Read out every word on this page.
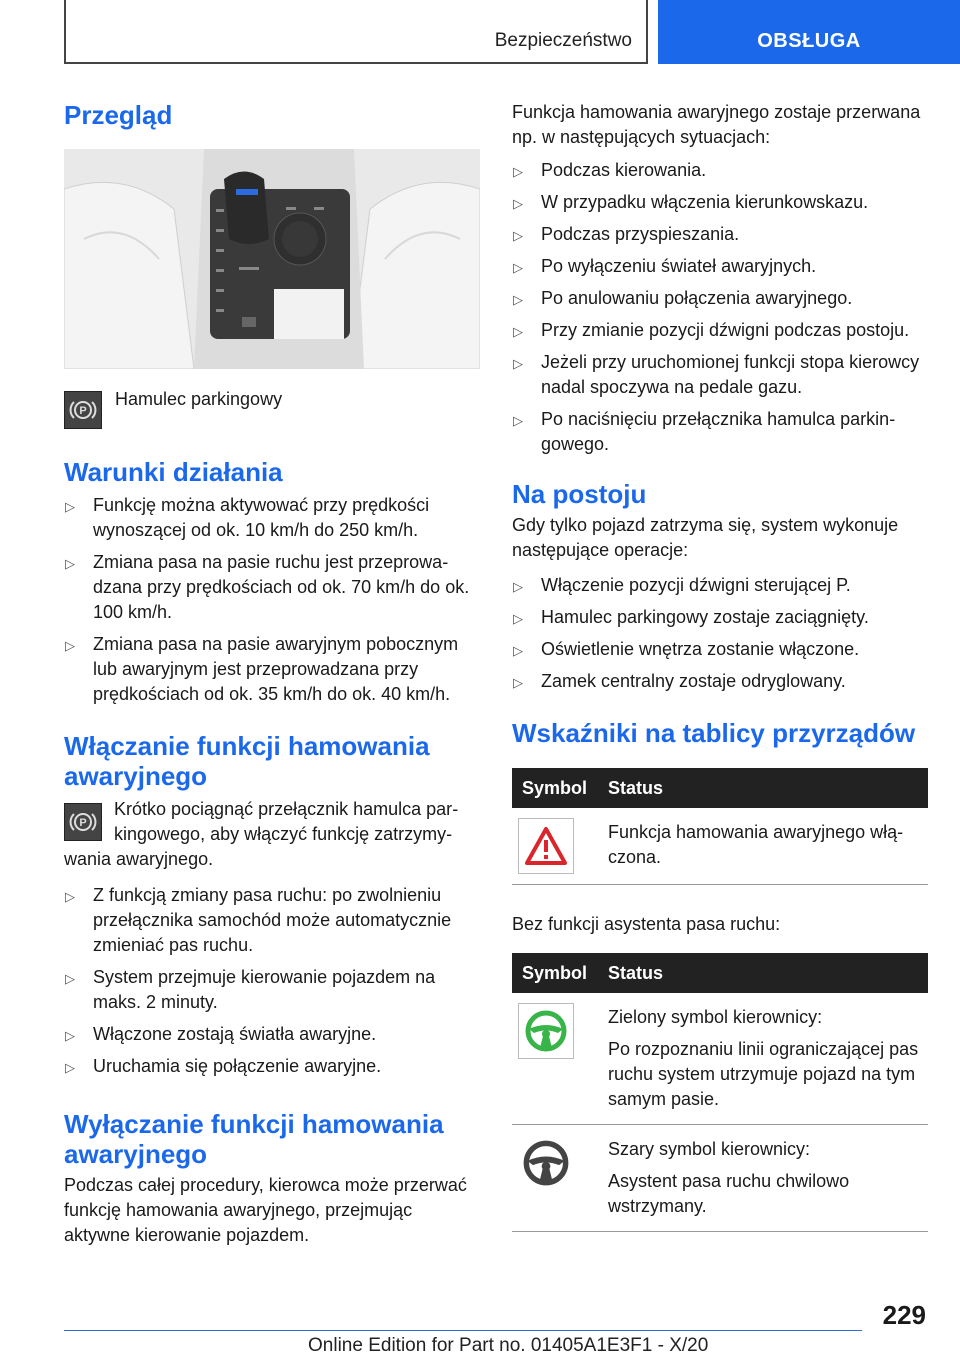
Bezpieczeństwo	OBSŁUGA
Przegląd
P

Hamulec parkingowy

Warunki działania
▷ Funkcję można aktywować przy prędkości wynoszącej od ok. 10 km/h do 250 km/h.
▷ Zmiana pasa na pasie ruchu jest przeprowadzana przy prędkościach od ok. 70 km/h do ok. 100 km/h.
▷ Zmiana pasa na pasie awaryjnym pobocznym lub awaryjnym jest przeprowadzana przy prędkościach od ok. 35 km/h do ok. 40 km/h.
Włączanie funkcji hamowania awaryjnego
P

Krótko pociągnąć przełącznik hamulca parkingowego, aby włączyć funkcję zatrzymywania awaryjnego.

▷ Z funkcją zmiany pasa ruchu: po zwolnieniu przełącznika samochód może automatycznie zmieniać pas ruchu.
▷ System przejmuje kierowanie pojazdem na maks. 2 minuty.
▷ Włączone zostają światła awaryjne.
▷ Uruchamia się połączenie awaryjne.
Wyłączanie funkcji hamowania awaryjnego

Podczas całej procedury, kierowca może przerwać funkcję hamowania awaryjnego, przejmując aktywne kierowanie pojazdem.

Funkcja hamowania awaryjnego zostaje przerwana np. w następujących sytuacjach:

▷ Podczas kierowania.
▷ W przypadku włączenia kierunkowskazu.
▷ Podczas przyspieszania.
▷ Po wyłączeniu świateł awaryjnych.
▷ Po anulowaniu połączenia awaryjnego.
▷ Przy zmianie pozycji dźwigni podczas postoju.
▷ Jeżeli przy uruchomionej funkcji stopa kierowcy nadal spoczywa na pedale gazu.
▷ Po naciśnięciu przełącznika hamulca parkingowego.
Na postoju

Gdy tylko pojazd zatrzyma się, system wykonuje następujące operacje:

▷ Włączenie pozycji dźwigni sterującej P.
▷ Hamulec parkingowy zostaje zaciągnięty.
▷ Oświetlenie wnętrza zostanie włączone.
▷ Zamek centralny zostaje odryglowany.
Wskaźniki na tablicy przyrządów
Symbol	Status

	Funkcja hamowania awaryjnego włączona.

Bez funkcji asystenta pasa ruchu:

Symbol	Status

Zielony symbol kierownicy:
Po rozpoznaniu linii ograniczającej pas ruchu system utrzymuje pojazd na tym samym pasie.

Szary symbol kierownicy:
Asystent pasa ruchu chwilowo wstrzymany.
229
Online Edition for Part no. 01405A1E3F1 - X/20
